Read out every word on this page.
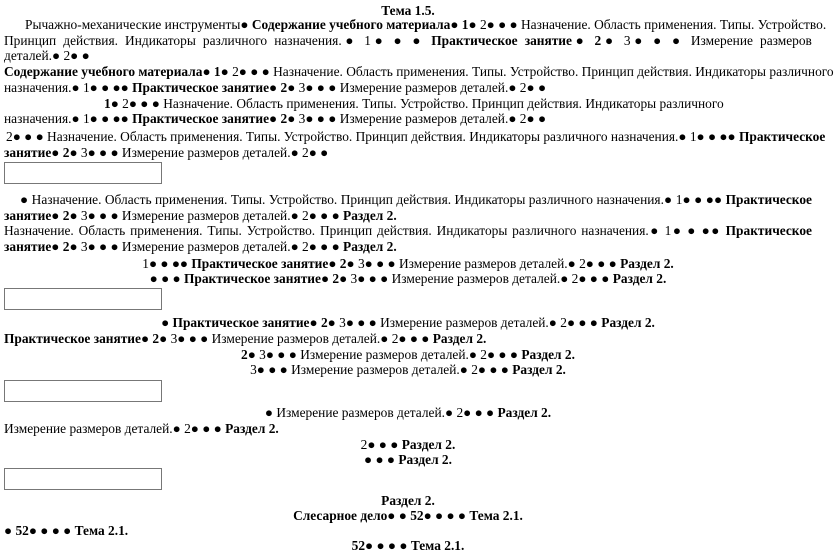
Тема 1.5.
Рычажно-механические инструменты● Содержание учебного материала● 1● 2● ● ● Назначение. Область применения. Типы. Устройство.
Принцип действия. Индикаторы различного назначения.● 1● ● ● Практическое занятие● 2● 3● ● ● Измерение размеров
деталей.● 2● ●
Содержание учебного материала● 1● 2● ● ● Назначение. Область применения. Типы. Устройство. Принцип действия. Индикаторы различного
назначения.● 1● ● ●● Практическое занятие● 2● 3● ● ● Измерение размеров деталей.● 2● ●
1● 2● ● ● Назначение. Область применения. Типы. Устройство. Принцип действия. Индикаторы различного
назначения.● 1● ● ●● Практическое занятие● 2● 3● ● ● Измерение размеров деталей.● 2● ●
2● ● ● Назначение. Область применения. Типы. Устройство. Принцип действия. Индикаторы различного назначения.● 1● ● ●● Практическое
занятие● 2● 3● ● ● Измерение размеров деталей.● 2● ●
● Назначение. Область применения. Типы. Устройство. Принцип действия. Индикаторы различного назначения.● 1● ● ●● Практическое
занятие● 2● 3● ● ● Измерение размеров деталей.● 2● ● ● Раздел 2.
Назначение. Область применения. Типы. Устройство. Принцип действия. Индикаторы различного назначения.● 1● ● ●● Практическое
занятие● 2● 3● ● ● Измерение размеров деталей.● 2● ● ● Раздел 2.
1● ● ●● Практическое занятие● 2● 3● ● ● Измерение размеров деталей.● 2● ● ● Раздел 2.
● ● ● Практическое занятие● 2● 3● ● ● Измерение размеров деталей.● 2● ● ● Раздел 2.
● Практическое занятие● 2● 3● ● ● Измерение размеров деталей.● 2● ● ● Раздел 2.
Практическое занятие● 2● 3● ● ● Измерение размеров деталей.● 2● ● ● Раздел 2.
2● 3● ● ● Измерение размеров деталей.● 2● ● ● Раздел 2.
3● ● ● Измерение размеров деталей.● 2● ● ● Раздел 2.
● Измерение размеров деталей.● 2● ● ● Раздел 2.
Измерение размеров деталей.● 2● ● ● Раздел 2.
2● ● ● Раздел 2.
● ● ● Раздел 2.
Раздел 2.
Слесарное дело● ● 52● ● ● ● Тема 2.1.
● 52● ● ● ● Тема 2.1.
52● ● ● ● Тема 2.1.
